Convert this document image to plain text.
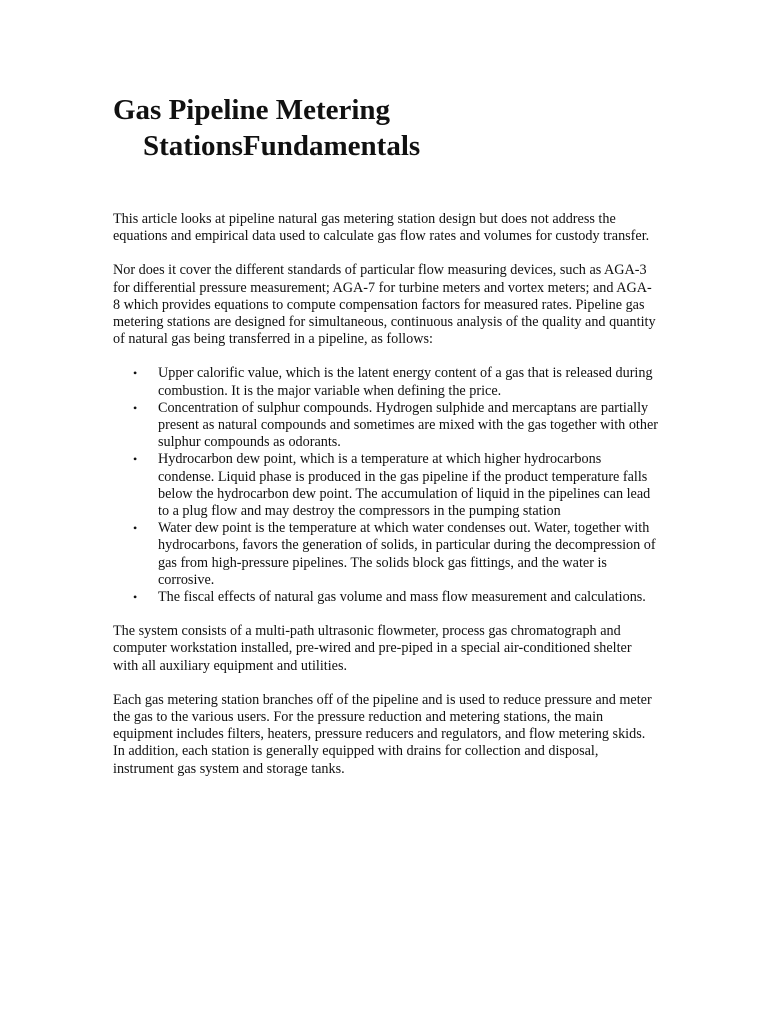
Gas Pipeline Metering
StationsFundamentals

This article looks at pipeline natural gas metering station design but does not address the equations and empirical data used to calculate gas flow rates and volumes for custody transfer.

Nor does it cover the different standards of particular flow measuring devices, such as AGA-3 for differential pressure measurement; AGA-7 for turbine meters and vortex meters; and AGA-8 which provides equations to compute compensation factors for measured rates. Pipeline gas metering stations are designed for simultaneous, continuous analysis of the quality and quantity of natural gas being transferred in a pipeline, as follows:

• Upper calorific value, which is the latent energy content of a gas that is released during combustion. It is the major variable when defining the price.
• Concentration of sulphur compounds. Hydrogen sulphide and mercaptans are partially present as natural compounds and sometimes are mixed with the gas together with other sulphur compounds as odorants.
• Hydrocarbon dew point, which is a temperature at which higher hydrocarbons condense. Liquid phase is produced in the gas pipeline if the product temperature falls below the hydrocarbon dew point. The accumulation of liquid in the pipelines can lead to a plug flow and may destroy the compressors in the pumping station
• Water dew point is the temperature at which water condenses out. Water, together with hydrocarbons, favors the generation of solids, in particular during the decompression of gas from high-pressure pipelines. The solids block gas fittings, and the water is corrosive.
• The fiscal effects of natural gas volume and mass flow measurement and calculations.

The system consists of a multi-path ultrasonic flowmeter, process gas chromatograph and computer workstation installed, pre-wired and pre-piped in a special air-conditioned shelter with all auxiliary equipment and utilities.

Each gas metering station branches off of the pipeline and is used to reduce pressure and meter the gas to the various users. For the pressure reduction and metering stations, the main equipment includes filters, heaters, pressure reducers and regulators, and flow metering skids. In addition, each station is generally equipped with drains for collection and disposal, instrument gas system and storage tanks.
